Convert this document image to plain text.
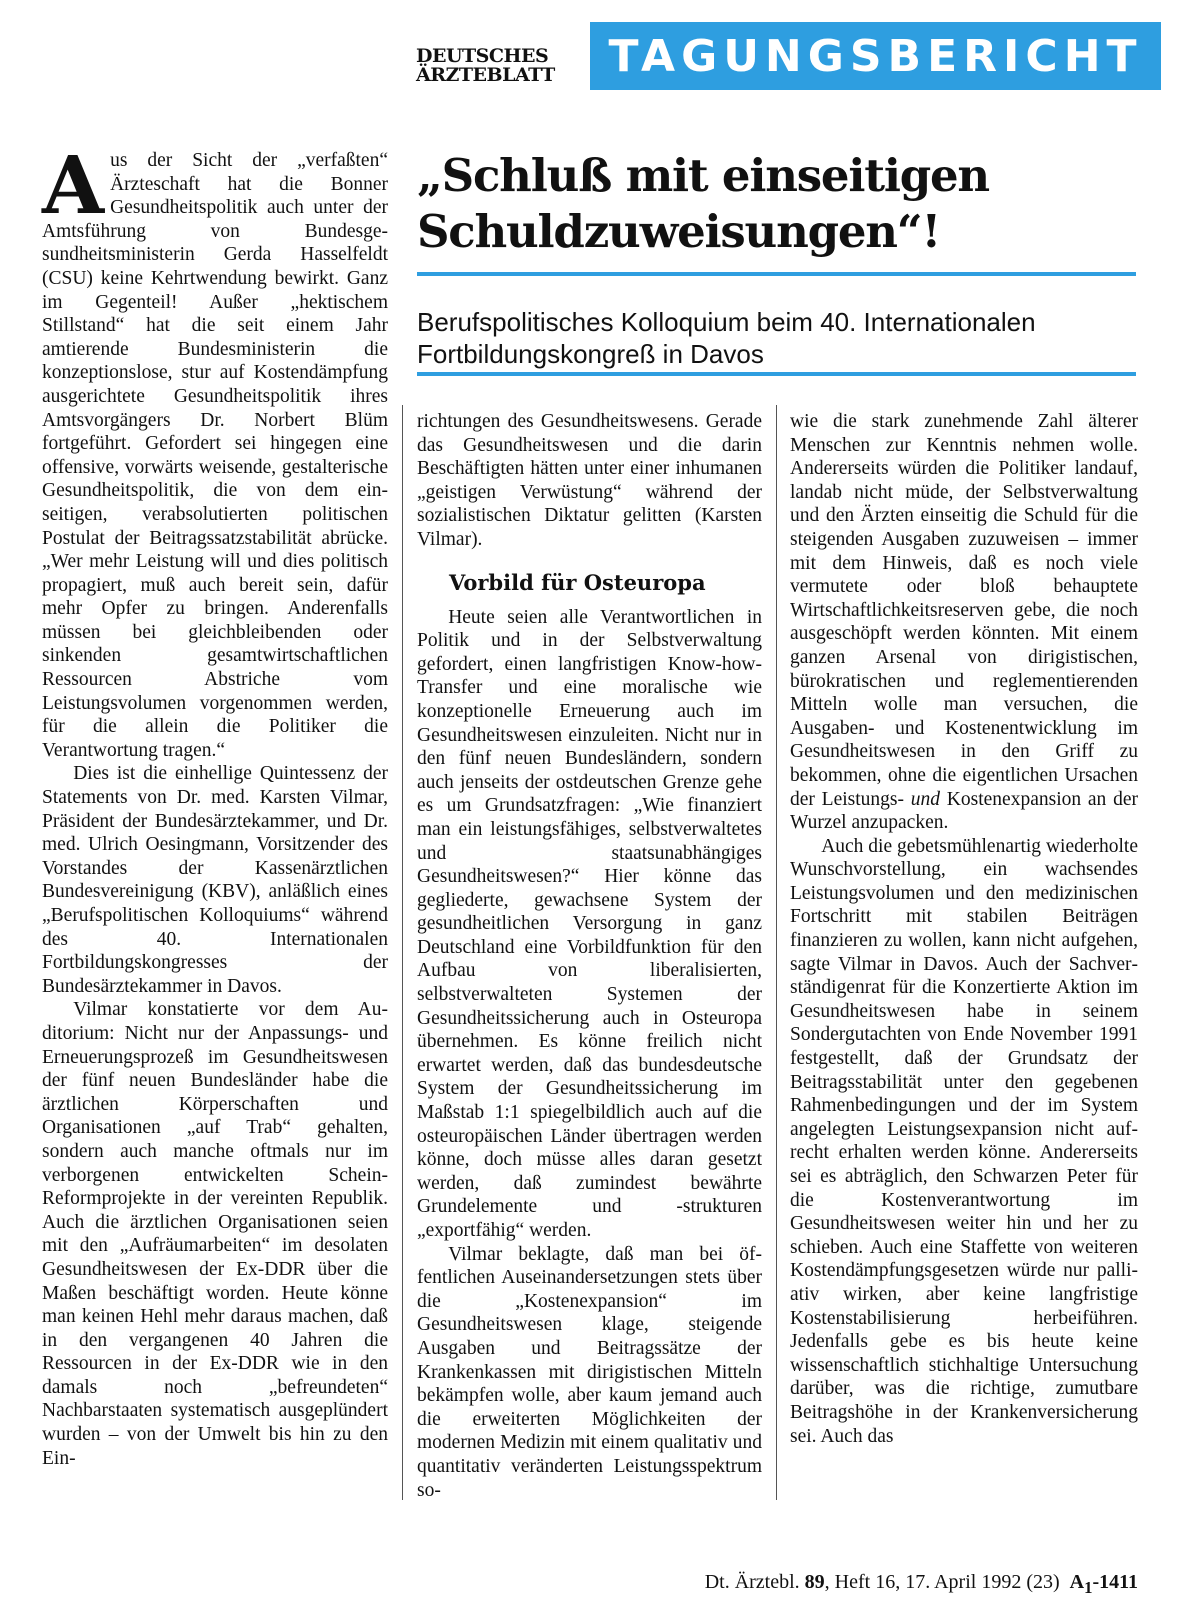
DEUTSCHES
ÄRZTEBLATT	TAGUNGSBERICHT
„Schluß mit einseitigen
Schuldzuweisungen“!
Berufspolitisches Kolloquium beim 40. Internationalen Fortbildungskongreß in Davos

Aus der Sicht der „verfaßten“ Ärzteschaft hat die Bonner Gesundheitspolitik auch unter der Amtsführung von Bundesgesundheitsministerin Gerda Hasselfeldt (CSU) keine Kehrtwendung bewirkt. Ganz im Gegenteil! Außer „hektischem Stillstand“ hat die seit einem Jahr amtierende Bundesministerin die konzeptionslose, stur auf Kostendämpfung ausgerichtete Gesundheitspolitik ihres Amtsvorgängers Dr. Norbert Blüm fortgeführt. Gefordert sei hingegen eine offensive, vorwärts weisende, gestalterische Gesundheitspolitik, die von dem einseitigen, verabsolutierten politischen Postulat der Beitragssatzstabilität abrücke. „Wer mehr Leistung will und dies politisch propagiert, muß auch bereit sein, dafür mehr Opfer zu bringen. Anderenfalls müssen bei gleichbleibenden oder sinkenden gesamtwirtschaftlichen Ressourcen Abstriche vom Leistungsvolumen vorgenommen werden, für die allein die Politiker die Verantwortung tragen.“

Dies ist die einhellige Quintessenz der Statements von Dr. med. Karsten Vilmar, Präsident der Bundesärztekammer, und Dr. med. Ulrich Oesingmann, Vorsitzender des Vorstandes der Kassenärztlichen Bundesvereinigung (KBV), anläßlich eines „Berufspolitischen Kolloquiums“ während des 40. Internationalen Fortbildungskongresses der Bundesärztekammer in Davos.

Vilmar konstatierte vor dem Auditorium: Nicht nur der Anpassungs- und Erneuerungsprozeß im Gesundheitswesen der fünf neuen Bundesländer habe die ärztlichen Körperschaften und Organisationen „auf Trab“ gehalten, sondern auch manche oftmals nur im verborgenen entwickelten Schein-Reformprojekte in der vereinten Republik. Auch die ärztlichen Organisationen seien mit den „Aufräumarbeiten“ im desolaten Gesundheitswesen der Ex-DDR über die Maßen beschäftigt worden. Heute könne man keinen Hehl mehr daraus machen, daß in den vergangenen 40 Jahren die Ressourcen in der Ex-DDR wie in den damals noch „befreundeten“ Nachbarstaaten systematisch ausgeplündert wurden – von der Umwelt bis hin zu den Ein-

richtungen des Gesundheitswesens. Gerade das Gesundheitswesen und die darin Beschäftigten hätten unter einer inhumanen „geistigen Verwüstung“ während der sozialistischen Diktatur gelitten (Karsten Vilmar).

Vorbild für Osteuropa

Heute seien alle Verantwortlichen in Politik und in der Selbstverwaltung gefordert, einen langfristigen Know-how-Transfer und eine moralische wie konzeptionelle Erneuerung auch im Gesundheitswesen einzuleiten. Nicht nur in den fünf neuen Bundesländern, sondern auch jenseits der ostdeutschen Grenze gehe es um Grundsatzfragen: „Wie finanziert man ein leistungsfähiges, selbstverwaltetes und staatsunabhängiges Gesundheitswesen?“ Hier könne das gegliederte, gewachsene System der gesundheitlichen Versorgung in ganz Deutschland eine Vorbildfunktion für den Aufbau von liberalisierten, selbstverwalteten Systemen der Gesundheitssicherung auch in Osteuropa übernehmen. Es könne freilich nicht erwartet werden, daß das bundesdeutsche System der Gesundheitssicherung im Maßstab 1:1 spiegelbildlich auch auf die osteuropäischen Länder übertragen werden könne, doch müsse alles daran gesetzt werden, daß zumindest bewährte Grundelemente und -strukturen „exportfähig“ werden.

Vilmar beklagte, daß man bei öffentlichen Auseinandersetzungen stets über die „Kostenexpansion“ im Gesundheitswesen klage, steigende Ausgaben und Beitragssätze der Krankenkassen mit dirigistischen Mitteln bekämpfen wolle, aber kaum jemand auch die erweiterten Möglichkeiten der modernen Medizin mit einem qualitativ und quantitativ veränderten Leistungsspektrum so-

wie die stark zunehmende Zahl älterer Menschen zur Kenntnis nehmen wolle. Andererseits würden die Politiker landauf, landab nicht müde, der Selbstverwaltung und den Ärzten einseitig die Schuld für die steigenden Ausgaben zuzuweisen – immer mit dem Hinweis, daß es noch viele vermutete oder bloß behauptete Wirtschaftlichkeitsreserven gebe, die noch ausgeschöpft werden könnten. Mit einem ganzen Arsenal von dirigistischen, bürokratischen und reglementierenden Mitteln wolle man versuchen, die Ausgaben- und Kostenentwicklung im Gesundheitswesen in den Griff zu bekommen, ohne die eigentlichen Ursachen der Leistungs- und Kostenexpansion an der Wurzel anzupacken.

Auch die gebetsmühlenartig wiederholte Wunschvorstellung, ein wachsendes Leistungsvolumen und den medizinischen Fortschritt mit stabilen Beiträgen finanzieren zu wollen, kann nicht aufgehen, sagte Vilmar in Davos. Auch der Sachverständigenrat für die Konzertierte Aktion im Gesundheitswesen habe in seinem Sondergutachten von Ende November 1991 festgestellt, daß der Grundsatz der Beitragsstabilität unter den gegebenen Rahmenbedingungen und der im System angelegten Leistungsexpansion nicht aufrecht erhalten werden könne. Andererseits sei es abträglich, den Schwarzen Peter für die Kostenverantwortung im Gesundheitswesen weiter hin und her zu schieben. Auch eine Staffette von weiteren Kostendämpfungsgesetzen würde nur palliativ wirken, aber keine langfristige Kostenstabilisierung herbeiführen. Jedenfalls gebe es bis heute keine wissenschaftlich stichhaltige Untersuchung darüber, was die richtige, zumutbare Beitragshöhe in der Krankenversicherung sei. Auch das

Dt. Ärztebl. 89, Heft 16, 17. April 1992 (23) $A_1-1411$
